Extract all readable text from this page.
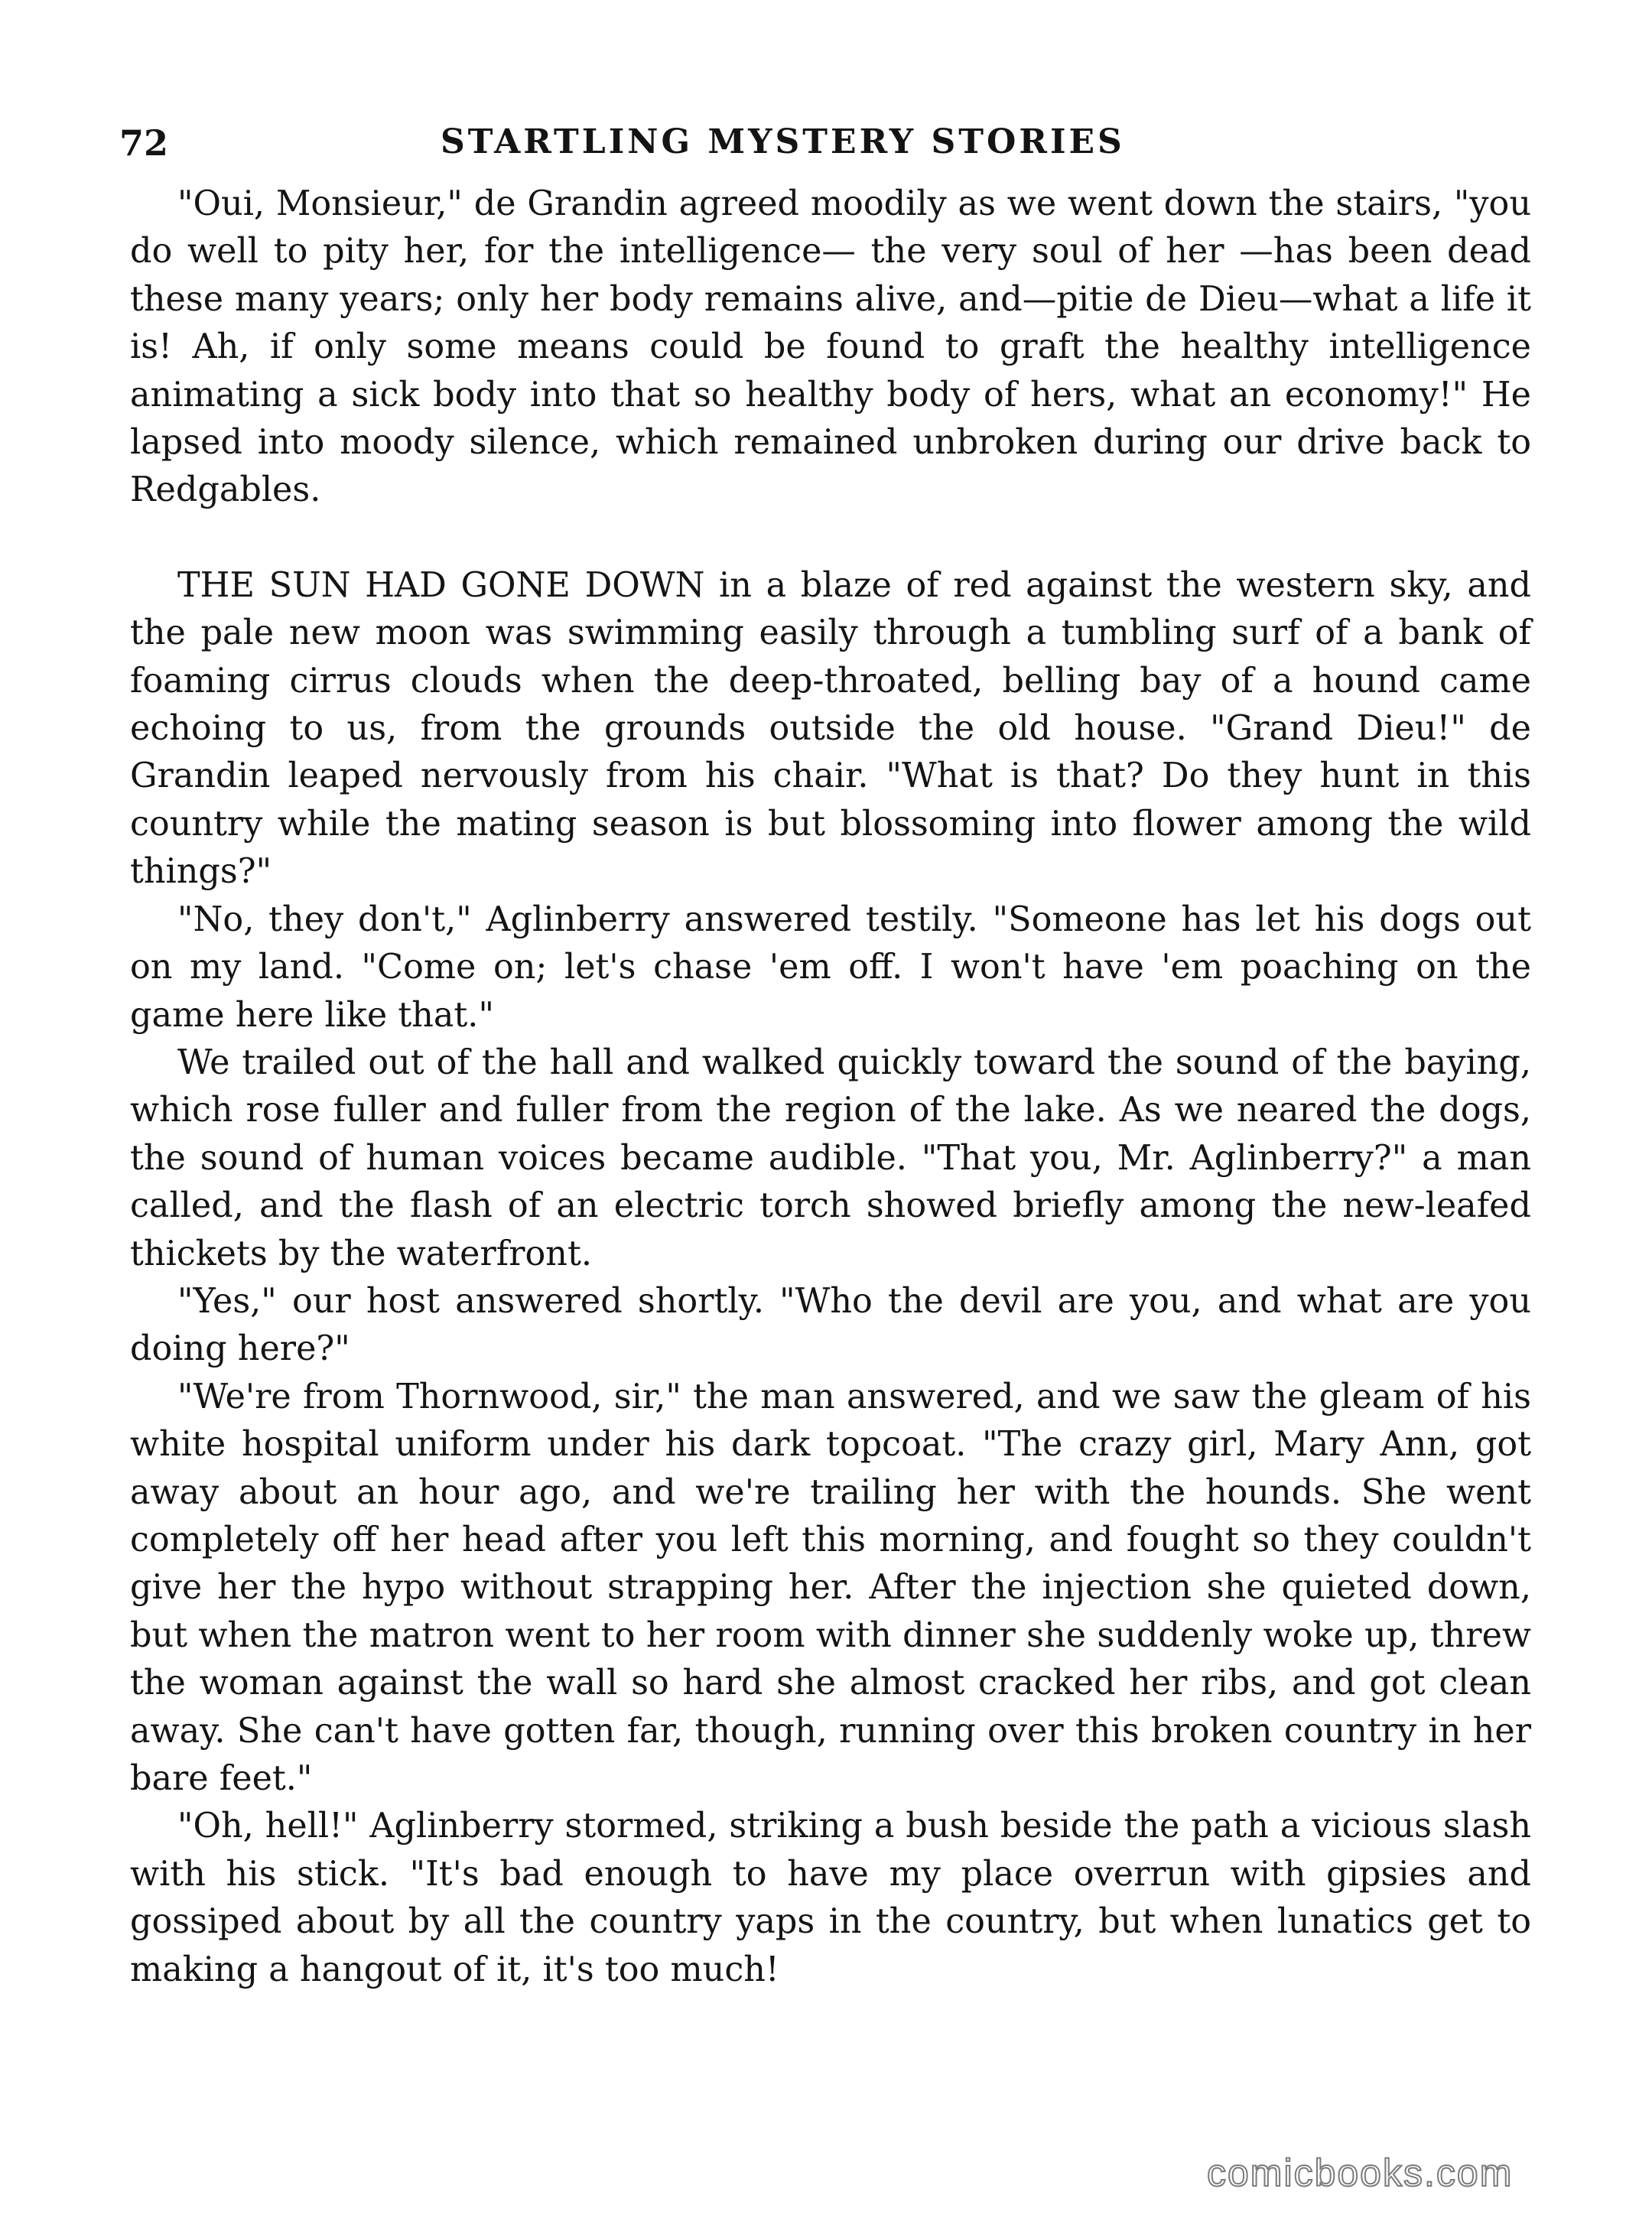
72	STARTLING MYSTERY STORIES

"Oui, Monsieur," de Grandin agreed moodily as we went down the stairs, "you do well to pity her, for the intelligence— the very soul of her —has been dead these many years; only her body remains alive, and—pitie de Dieu—what a life it is! Ah, if only some means could be found to graft the healthy intelligence animating a sick body into that so healthy body of hers, what an economy!" He lapsed into moody silence, which remained unbroken during our drive back to Redgables.

THE SUN HAD GONE DOWN in a blaze of red against the western sky, and the pale new moon was swimming easily through a tumbling surf of a bank of foaming cirrus clouds when the deep-throated, belling bay of a hound came echoing to us, from the grounds outside the old house. "Grand Dieu!" de Grandin leaped nervously from his chair. "What is that? Do they hunt in this country while the mating season is but blossoming into flower among the wild things?"

"No, they don't," Aglinberry answered testily. "Someone has let his dogs out on my land. "Come on; let's chase 'em off. I won't have 'em poaching on the game here like that."

We trailed out of the hall and walked quickly toward the sound of the baying, which rose fuller and fuller from the region of the lake. As we neared the dogs, the sound of human voices became audible. "That you, Mr. Aglinberry?" a man called, and the flash of an electric torch showed briefly among the new-leafed thickets by the waterfront.

"Yes," our host answered shortly. "Who the devil are you, and what are you doing here?"

"We're from Thornwood, sir," the man answered, and we saw the gleam of his white hospital uniform under his dark topcoat. "The crazy girl, Mary Ann, got away about an hour ago, and we're trailing her with the hounds. She went completely off her head after you left this morning, and fought so they couldn't give her the hypo without strapping her. After the injection she quieted down, but when the matron went to her room with dinner she suddenly woke up, threw the woman against the wall so hard she almost cracked her ribs, and got clean away. She can't have gotten far, though, running over this broken country in her bare feet."

"Oh, hell!" Aglinberry stormed, striking a bush beside the path a vicious slash with his stick. "It's bad enough to have my place overrun with gipsies and gossiped about by all the country yaps in the country, but when lunatics get to making a hangout of it, it's too much!

comicbooks.com
